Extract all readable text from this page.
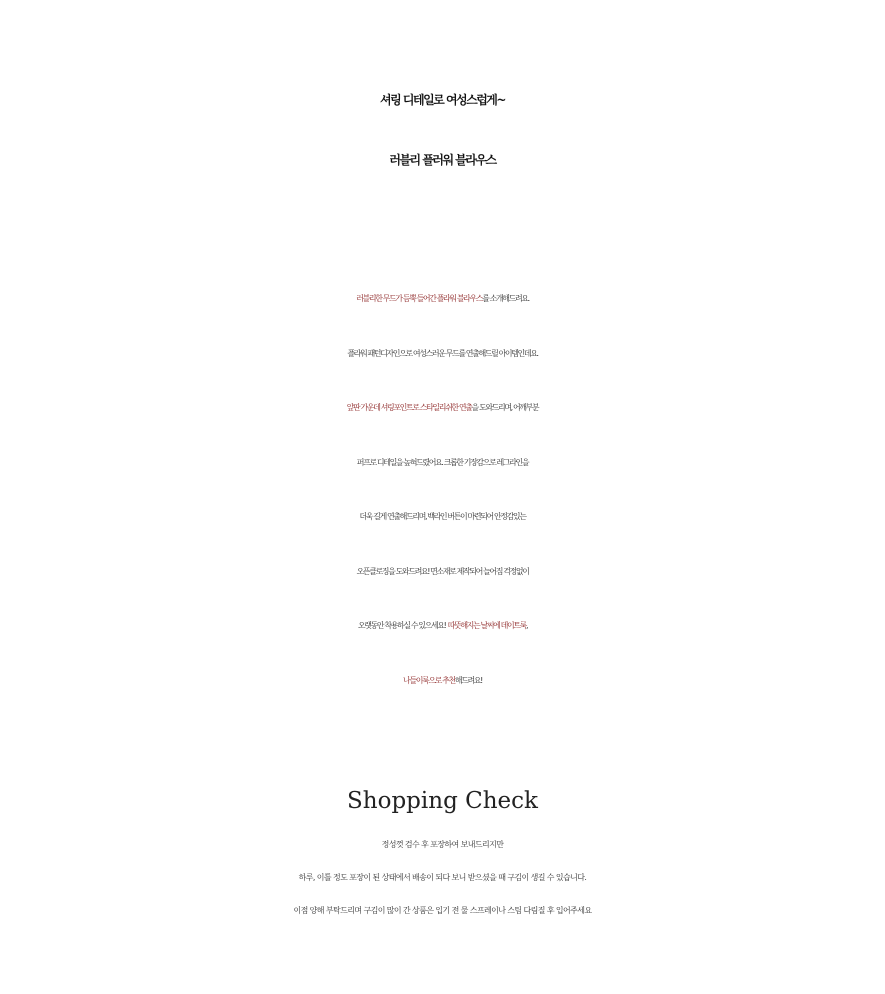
셔링 디테일로 여성스럽게~
러블리 플러워 블라우스
러블리한 무드가 듬뿍 들어간 플라워 블라우스를 소개해드려요.
플라워 패턴디자인으로 여성스러운 무드를 연출해드릴 아이템인데요.
앞판 가운데 셔링포인트로 스타일리쉬한 연출을 도와드리며, 어깨부분
퍼프로 디테일을 높혀드렸어요. 크롭한 기장감으로 레그라인을
더욱 길게 연출해드리며, 백라인 버튼이 마련되어 안정감있는
오픈클로징을 도와드려요! 면소재로 제작되어 늘어짐 걱정없이
오랫동안 착용하실 수 있으세요!  따뜻해지는 날씨에 데이트룩,
나들이룩으로 추천해드려요!
Shopping Check
정성껏 검수 후 포장하여 보내드리지만
하루, 이틀 정도 포장이 된 상태에서 배송이 되다 보니 받으셨을 때 구김이 생길 수 있습니다.
이점 양해 부탁드리며 구김이 많이 간 상품은 입기 전 물 스프레이나 스팀 다림질 후 입어주세요
